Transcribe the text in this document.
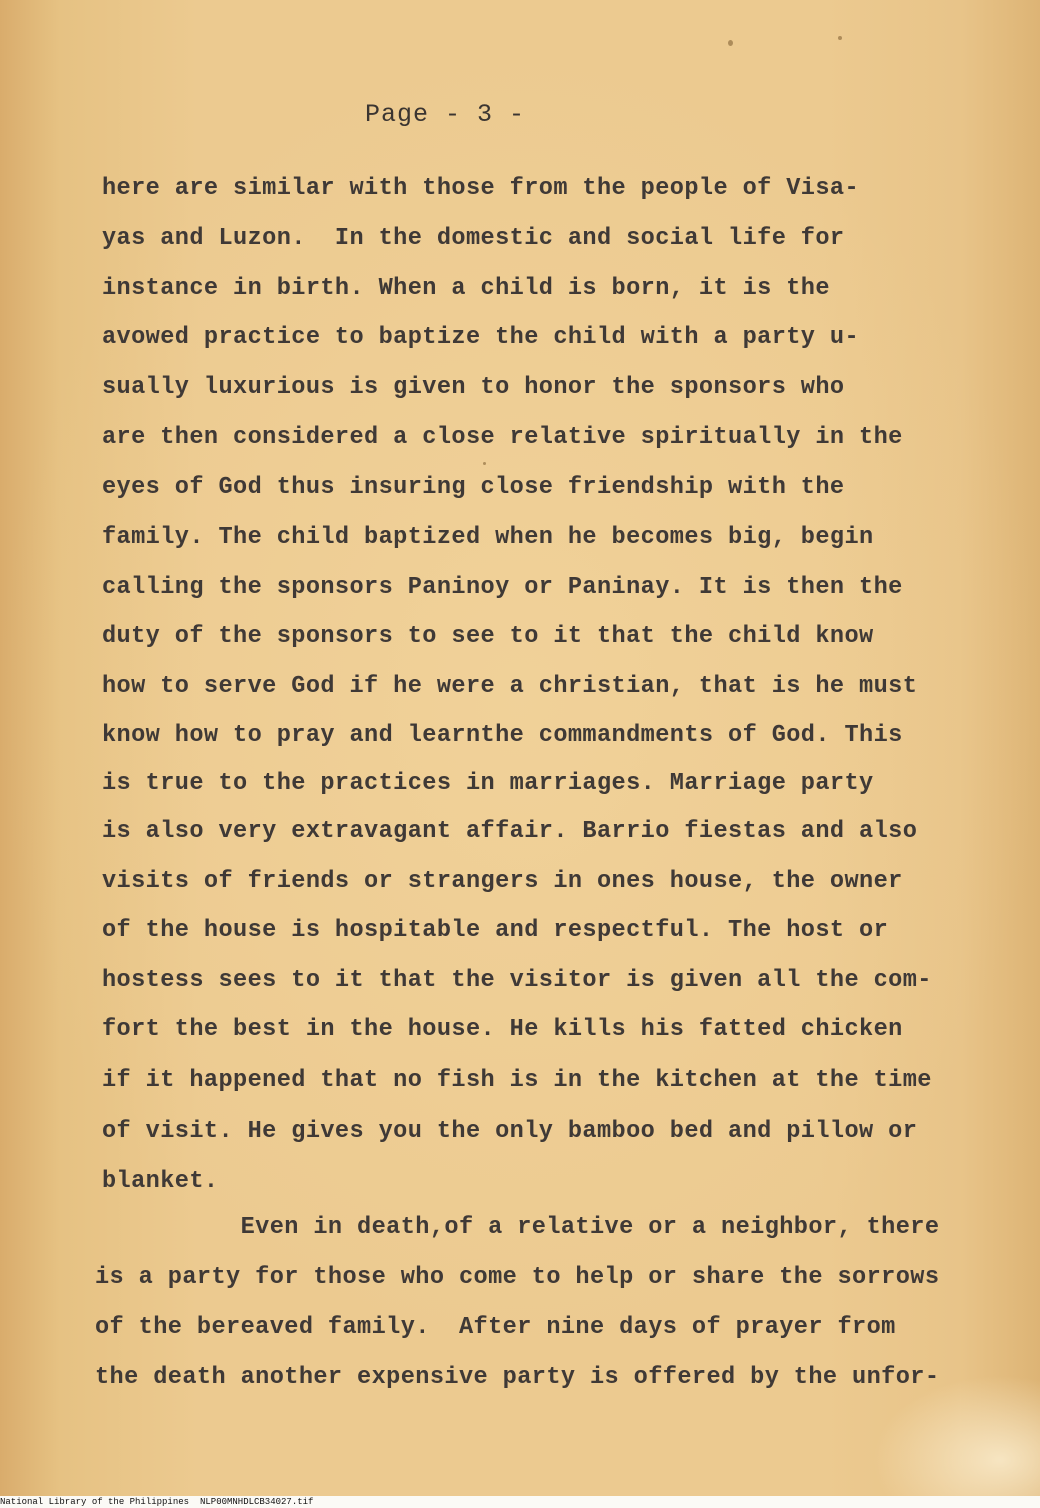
Page - 3 -
here are similar with those from the people of Visa-
yas and Luzon.  In the domestic and social life for
instance in birth. When a child is born, it is the
avowed practice to baptize the child with a party u-
sually luxurious is given to honor the sponsors who
are then considered a close relative spiritually in the
eyes of God thus insuring close friendship with the
family. The child baptized when he becomes big, begin
calling the sponsors Paninoy or Paninay. It is then the
duty of the sponsors to see to it that the child know
how to serve God if he were a christian, that is he must
know how to pray and learnthe commandments of God. This
is true to the practices in marriages. Marriage party
is also very extravagant affair. Barrio fiestas and also
visits of friends or strangers in ones house, the owner
of the house is hospitable and respectful. The host or
hostess sees to it that the visitor is given all the com-
fort the best in the house. He kills his fatted chicken
if it happened that no fish is in the kitchen at the time
of visit. He gives you the only bamboo bed and pillow or
blanket.
Even in death,of a relative or a neighbor, there
is a party for those who come to help or share the sorrows
of the bereaved family.  After nine days of prayer from
the death another expensive party is offered by the unfor-

National Library of the Philippines

NLP00MNHDLCB34027.tif
